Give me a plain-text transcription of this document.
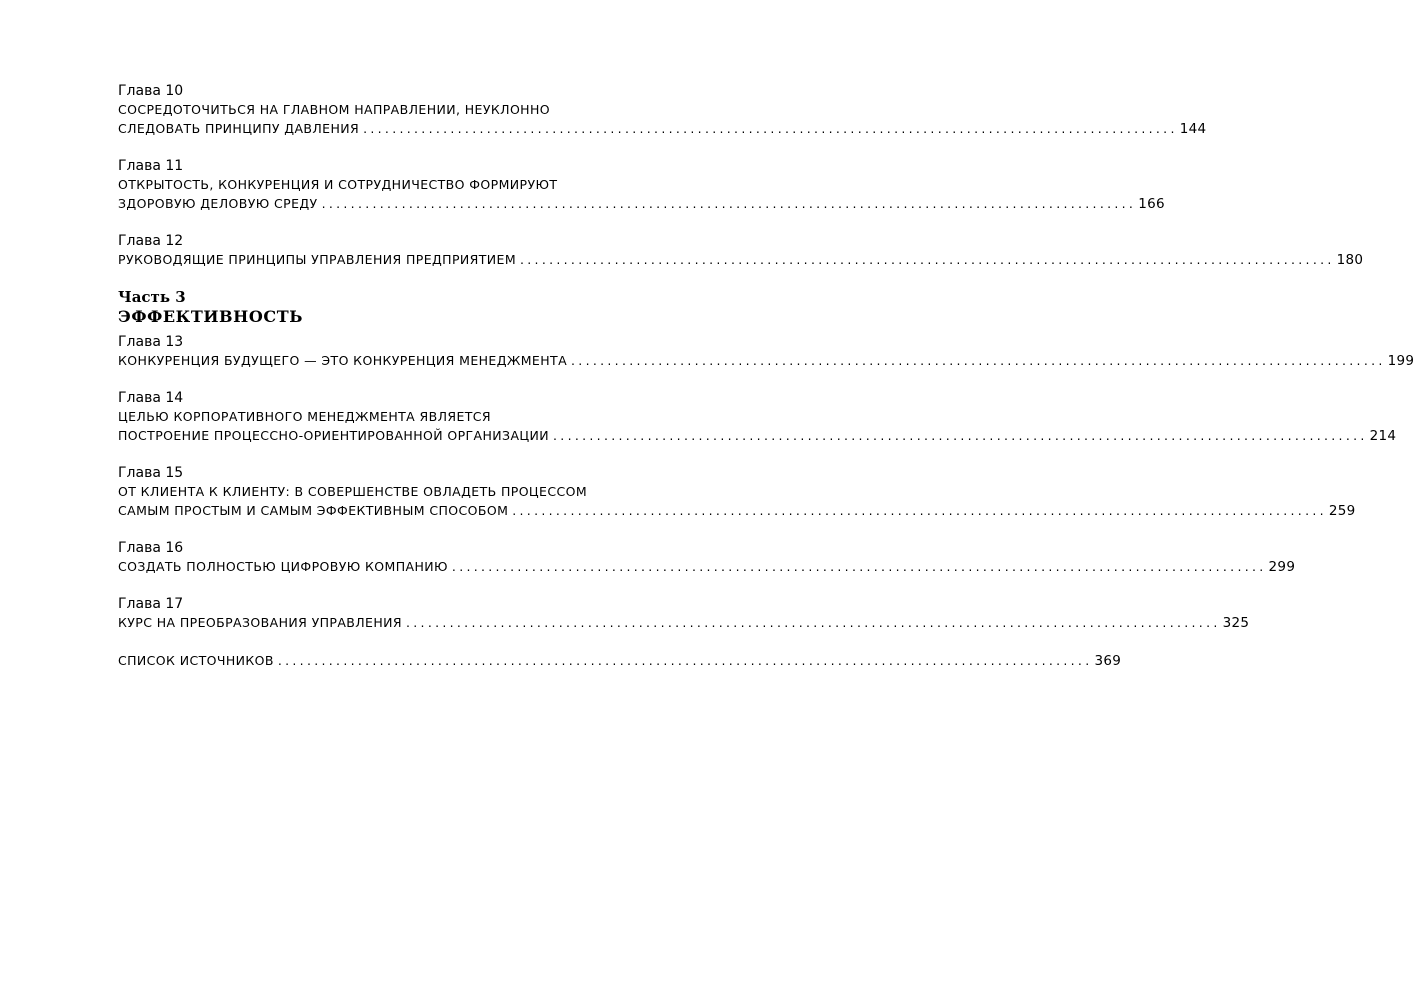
Глава 10
СОСРЕДОТОЧИТЬСЯ НА ГЛАВНОМ НАПРАВЛЕНИИ, НЕУКЛОННО
СЛЕДОВАТЬ ПРИНЦИПУ ДАВЛЕНИЯ ................................................................................................................ 144
Глава 11
ОТКРЫТОСТЬ, КОНКУРЕНЦИЯ И СОТРУДНИЧЕСТВО ФОРМИРУЮТ
ЗДОРОВУЮ ДЕЛОВУЮ СРЕДУ ................................................................................................................ 166
Глава 12
РУКОВОДЯЩИЕ ПРИНЦИПЫ УПРАВЛЕНИЯ ПРЕДПРИЯТИЕМ ................................................................................................................ 180
Часть 3
ЭФФЕКТИВНОСТЬ
Глава 13
КОНКУРЕНЦИЯ БУДУЩЕГО — ЭТО КОНКУРЕНЦИЯ МЕНЕДЖМЕНТА ................................................................................................................ 199
Глава 14
ЦЕЛЬЮ КОРПОРАТИВНОГО МЕНЕДЖМЕНТА ЯВЛЯЕТСЯ
ПОСТРОЕНИЕ ПРОЦЕССНО-ОРИЕНТИРОВАННОЙ ОРГАНИЗАЦИИ ................................................................................................................ 214
Глава 15
ОТ КЛИЕНТА К КЛИЕНТУ: В СОВЕРШЕНСТВЕ ОВЛАДЕТЬ ПРОЦЕССОМ
САМЫМ ПРОСТЫМ И САМЫМ ЭФФЕКТИВНЫМ СПОСОБОМ ................................................................................................................ 259
Глава 16
СОЗДАТЬ ПОЛНОСТЬЮ ЦИФРОВУЮ КОМПАНИЮ ................................................................................................................ 299
Глава 17
КУРС НА ПРЕОБРАЗОВАНИЯ УПРАВЛЕНИЯ ................................................................................................................ 325
СПИСОК ИСТОЧНИКОВ ................................................................................................................ 369
